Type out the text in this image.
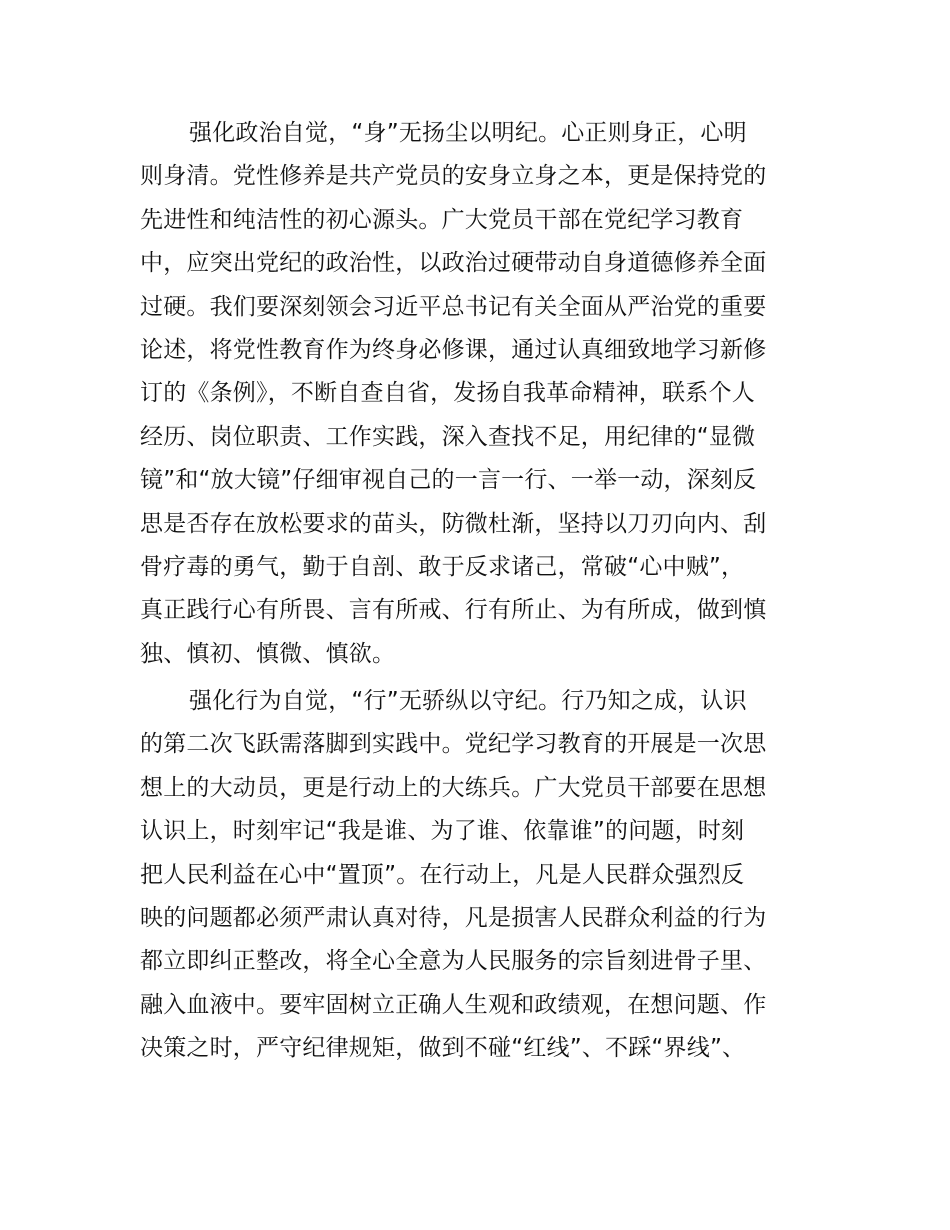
强化政治自觉，“身”无扬尘以明纪。心正则身正，心明
则身清。党性修养是共产党员的安身立身之本，更是保持党的
先进性和纯洁性的初心源头。广大党员干部在党纪学习教育
中，应突出党纪的政治性，以政治过硬带动自身道德修养全面
过硬。我们要深刻领会习近平总书记有关全面从严治党的重要
论述，将党性教育作为终身必修课，通过认真细致地学习新修
订的《条例》，不断自查自省，发扬自我革命精神，联系个人
经历、岗位职责、工作实践，深入查找不足，用纪律的“显微
镜”和“放大镜”仔细审视自己的一言一行、一举一动，深刻反
思是否存在放松要求的苗头，防微杜渐，坚持以刀刃向内、刮
骨疗毒的勇气，勤于自剖、敢于反求诸己，常破“心中贼”，
真正践行心有所畏、言有所戒、行有所止、为有所成，做到慎
独、慎初、慎微、慎欲。
强化行为自觉，“行”无骄纵以守纪。行乃知之成，认识
的第二次飞跃需落脚到实践中。党纪学习教育的开展是一次思
想上的大动员，更是行动上的大练兵。广大党员干部要在思想
认识上，时刻牢记“我是谁、为了谁、依靠谁”的问题，时刻
把人民利益在心中“置顶”。在行动上，凡是人民群众强烈反
映的问题都必须严肃认真对待，凡是损害人民群众利益的行为
都立即纠正整改，将全心全意为人民服务的宗旨刻进骨子里、
融入血液中。要牢固树立正确人生观和政绩观，在想问题、作
决策之时，严守纪律规矩，做到不碰“红线”、不踩“界线”、
